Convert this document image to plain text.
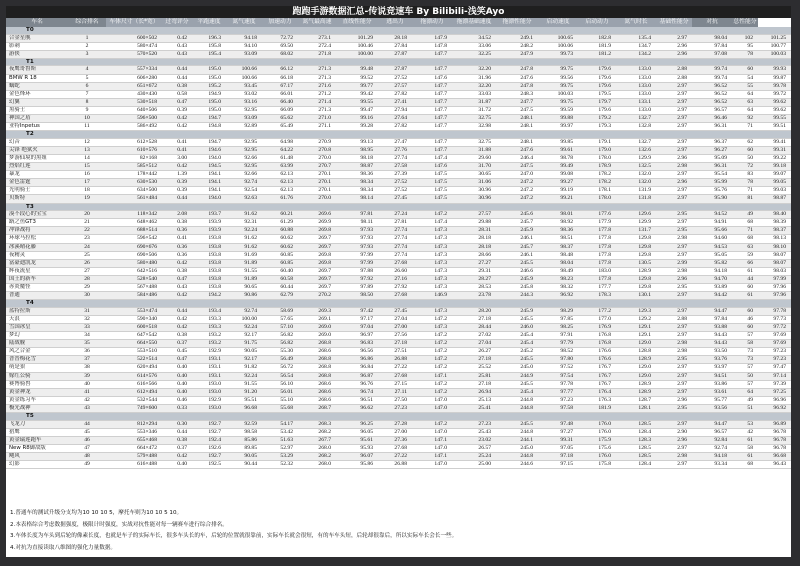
跑跑手游数据汇总-传说竞速车 By Bilibili-浅笑Ayo
车名	综合排名	车体尺寸（长*宽）	过弯评分	平跑速度	氮气速度	加速动力	氮气最高速	直线性能分	逃出力	拖漂动力	拖漂基础速度	拖漂性能分	启动速度	启动动力	氮气时长	基础性能分	对抗	总性能分	
T0																			
合金星舰	1	600×502	0.42	196.3	94.18	72.72	273.1	101.29	28.18	147.9	34.52	249.1	100.65	182.8	135.4	2.97	98.04	102	101.25
影刺	2	580×474	0.43	195.8	94.10	69.50	272.4	100.46	27.84	147.8	33.06	248.2	100.06	181.9	134.7	2.96	97.84	95	100.77
游侠	3	570×520	0.43	195.4	93.09	68.02	271.8	100.00	27.87	147.7	32.25	247.9	99.73	181.2	134.2	2.96	97.08	78	100.03
T1																			
夜鹰哥鲁斯	4	557×334	0.44	195.0	100.66	66.12	271.3	99.48	27.87	147.7	32.20	247.8	99.75	179.6	133.0	2.88	99.74	60	99.93
BMW R 18	5	606×280	0.44	195.0	100.66	66.18	271.3	99.52	27.52	147.6	31.96	247.6	99.56	179.6	133.0	2.88	99.74	54	99.87
螭蛇	6	651×672	0.38	195.2	93.45	67.17	271.6	99.77	27.57	147.7	32.20	247.8	99.75	179.6	133.0	2.97	96.52	55	99.78
金色烽环	7	430×430	0.58	194.9	93.02	66.01	271.2	99.42	27.82	147.7	33.03	248.3	100.03	179.5	133.0	2.97	96.52	64	99.72
幻翼	8	530×518	0.47	195.0	93.16	66.40	271.4	99.55	27.41	147.7	31.87	247.7	99.75	179.7	133.1	2.97	96.52	63	99.62
黑骑士	9	640×506	0.39	195.0	92.95	66.09	271.3	99.47	27.94	147.7	31.72	247.5	99.59	179.6	133.0	2.97	96.57	64	99.62
神国之盾	10	596×500	0.42	194.7	93.09	65.62	271.0	99.16	27.64	147.7	32.75	248.1	99.88	179.2	132.7	2.97	96.46	92	99.55
亚特Inpetus	11	586×492	0.42	194.8	92.89	65.49	271.1	99.28	27.82	147.7	32.98	248.1	99.97	179.3	132.8	2.97	96.31	71	99.51
T2																			
幻音	12	612×528	0.41	194.7	92.95	64.98	270.9	99.13	27.47	147.7	32.75	248.1	99.85	179.1	132.7	2.97	96.37	62	99.41
尖锋 绝狱火	13	610×576	0.41	194.6	92.95	64.22	270.8	98.95	27.76	147.7	31.88	247.6	99.61	179.0	132.6	2.97	96.27	60	99.31
梦游仙境的黑姐	14	82×168	3.00	194.0	92.66	61.48	270.0	98.18	27.74	147.4	29.60	246.4	98.78	178.0	129.9	2.96	95.09	50	99.22
烈焰红莲	15	585×512	0.42	194.5	92.95	63.99	270.7	98.87	27.58	147.6	31.70	247.5	99.49	178.9	132.5	2.98	96.31	72	99.18
暴龙	16	178×442	1.39	194.1	92.66	62.13	270.1	98.36	27.39	147.5	30.65	247.0	99.08	178.2	132.0	2.97	95.54	83	99.07
金色雷霆	17	630×530	0.39	194.1	92.74	62.13	270.1	98.34	27.52	147.5	31.06	247.2	99.27	178.2	132.0	2.96	95.99	78	99.05
光明骑士	18	634×500	0.39	194.1	92.54	62.13	270.1	98.34	27.52	147.5	30.96	247.2	99.19	178.1	131.9	2.97	95.76	71	99.03
贝斯特	19	561×484	0.44	194.0	92.63	61.76	270.0	98.14	27.45	147.5	30.96	247.2	99.21	178.0	131.8	2.97	95.90	81	98.87
T3																			
漠不段心的宝宝	20	118×342	2.08	193.7	91.62	60.21	269.6	97.81	27.24	147.2	27.57	245.6	98.01	177.6	129.6	2.95	94.52	49	98.40
路之鱼GT3	21	648×462	0.38	193.9	92.31	61.29	269.9	98.11	27.81	147.4	29.88	245.7	98.92	177.9	129.9	2.97	94.91	68	98.39
冲锋战将	22	688×514	0.36	193.9	92.24	60.88	269.8	97.93	27.74	147.3	28.31	245.9	98.36	177.8	131.7	2.95	95.66	71	98.37
环球马拉松	23	596×542	0.41	193.8	91.62	60.62	269.7	97.93	27.74	147.3	28.18	246.1	98.51	177.8	129.8	2.98	94.60	68	98.13
冰溪晴花藤	24	690×676	0.36	193.8	91.62	60.62	269.7	97.93	27.74	147.3	28.18	245.7	98.37	177.8	129.8	2.97	94.53	63	98.10
夜精灵	25	690×506	0.36	193.8	91.69	60.85	269.8	97.99	27.74	147.3	28.66	246.1	98.48	177.8	129.8	2.97	95.05	59	98.07
富豪迪凯龙	26	580×480	0.42	193.8	91.89	60.85	269.8	97.99	27.68	147.3	27.27	245.5	98.04	177.8	130.5	2.99	95.82	66	98.07
辉夜流星	27	642×516	0.38	193.8	91.55	60.40	269.7	97.88	26.60	147.3	29.31	246.6	98.49	183.0	128.9	2.98	94.18	61	98.03
国王的新车	28	528×540	0.47	193.8	91.89	60.58	269.7	97.92	27.16	147.3	28.27	245.9	98.23	177.8	129.8	2.96	94.70	44	97.99
赤炎魔怪	29	567×488	0.43	193.8	90.65	60.44	269.7	97.89	27.92	147.3	28.53	245.8	98.32	177.7	129.8	2.95	93.89	60	97.96
普通	30	584×486	0.42	194.2	90.86	62.79	270.2	98.50	27.68	146.9	23.78	244.3	96.92	178.3	130.1	2.97	94.42	61	97.96
T4																			
蓝特拉斯	31	553×474	0.44	193.4	92.74	58.69	269.3	97.42	27.45	147.3	28.20	245.9	98.29	177.2	129.3	2.97	94.47	60	97.78
天浪	32	590×340	0.42	193.3	100.00	57.65	269.1	97.17	27.04	147.2	27.18	245.5	97.85	177.0	129.2	2.88	97.84	46	97.73
雪国冰皇	33	600×518	0.42	193.3	92.24	57.10	269.0	97.04	27.00	147.3	28.44	246.0	98.25	176.9	129.1	2.97	93.88	60	97.72
梦幻	34	647×542	0.38	193.2	92.17	56.82	269.0	96.97	27.56	147.2	27.02	245.4	97.91	176.8	129.1	2.97	94.43	57	97.69
陆战舰	35	664×550	0.37	193.2	91.75	56.82	268.8	96.83	27.18	147.2	27.04	245.4	97.79	176.8	129.0	2.98	94.43	58	97.69
风之合金	36	553×510	0.45	192.9	90.05	55.30	268.6	96.56	27.51	147.2	26.27	245.2	98.52	176.6	128.8	2.98	93.50	73	97.23
普普梅花雪	37	522×514	0.47	193.1	92.17	56.49	268.8	96.86	26.88	147.2	27.18	245.5	97.80	176.6	128.9	2.95	93.76	73	97.23
萌是狠	38	620×494	0.40	193.1	91.82	56.72	268.8	96.84	27.22	147.2	25.52	245.0	97.52	176.7	129.0	2.97	93.97	57	97.47
嫁红公骑	39	614×576	0.40	193.1	92.24	56.54	268.8	96.87	27.68	147.1	25.81	244.9	97.54	176.7	129.0	2.97	94.51	50	97.14
赛博骑兽	40	616×566	0.40	193.0	91.55	56.10	268.6	96.76	27.15	147.2	27.18	245.5	97.78	176.7	128.9	2.97	93.86	57	97.39
黄金神龙	41	612×494	0.40	193.0	91.20	56.01	268.6	96.74	27.11	147.2	26.94	245.4	97.77	176.4	128.9	2.97	93.61	64	97.25
黄金练习车	42	532×544	0.46	192.9	95.51	55.10	268.6	96.51	27.50	147.0	25.13	244.8	97.23	176.3	128.7	2.96	95.77	49	96.96
极光战神	43	749×600	0.33	193.0	96.68	55.68	268.7	96.62	27.23	147.0	25.41	244.8	97.58	181.9	128.1	2.95	93.56	51	96.92
T5																			
飞龙刀	44	812×294	0.30	192.7	92.59	54.17	268.3	96.25	27.28	147.2	27.23	245.5	97.48	176.0	128.5	2.97	94.47	53	96.89
猎鹰	45	553×346	0.44	192.7	98.58	53.42	268.2	96.05	27.00	147.0	25.43	244.8	97.27	176.0	128.4	2.90	96.57	42	96.78
黄金瑞莲跑车	46	655×468	0.38	192.4	85.86	51.63	267.7	95.61	27.36	147.1	23.02	244.1	99.31	175.9	128.3	2.96	92.84	61	96.78
New R8御敌版	47	664×472	0.37	192.6	89.85	52.97	268.0	95.93	27.68	147.0	26.57	245.0	97.05	175.6	128.5	2.97	92.74	58	96.78
飓风	48	579×488	0.42	192.7	90.05	53.29	268.2	96.07	27.22	147.1	25.24	244.8	97.18	176.0	128.5	2.98	94.18	61	96.68
幻影	49	616×488	0.40	192.5	90.44	52.32	268.0	95.86	26.88	147.0	25.00	244.6	97.15	175.8	128.4	2.97	93.34	68	96.43
1.普通车的测试升级分支均为10 10 10 5，摩托车则为10 10 5 10。
2.本表格综合考虑数据强度，极限计时强度，实战对抗性能对每一辆赛车进行综合排名。
3.车体长度为车头到后轮的像素长度，也就是车子的实际车长，很多车头长的车，后轮的位置就很靠前，实际车长就会很短，有的车车头短，后轮却很靠后，所以实际车长会长一些。
4.对抗为直接读取八维图的强化力量数据。
